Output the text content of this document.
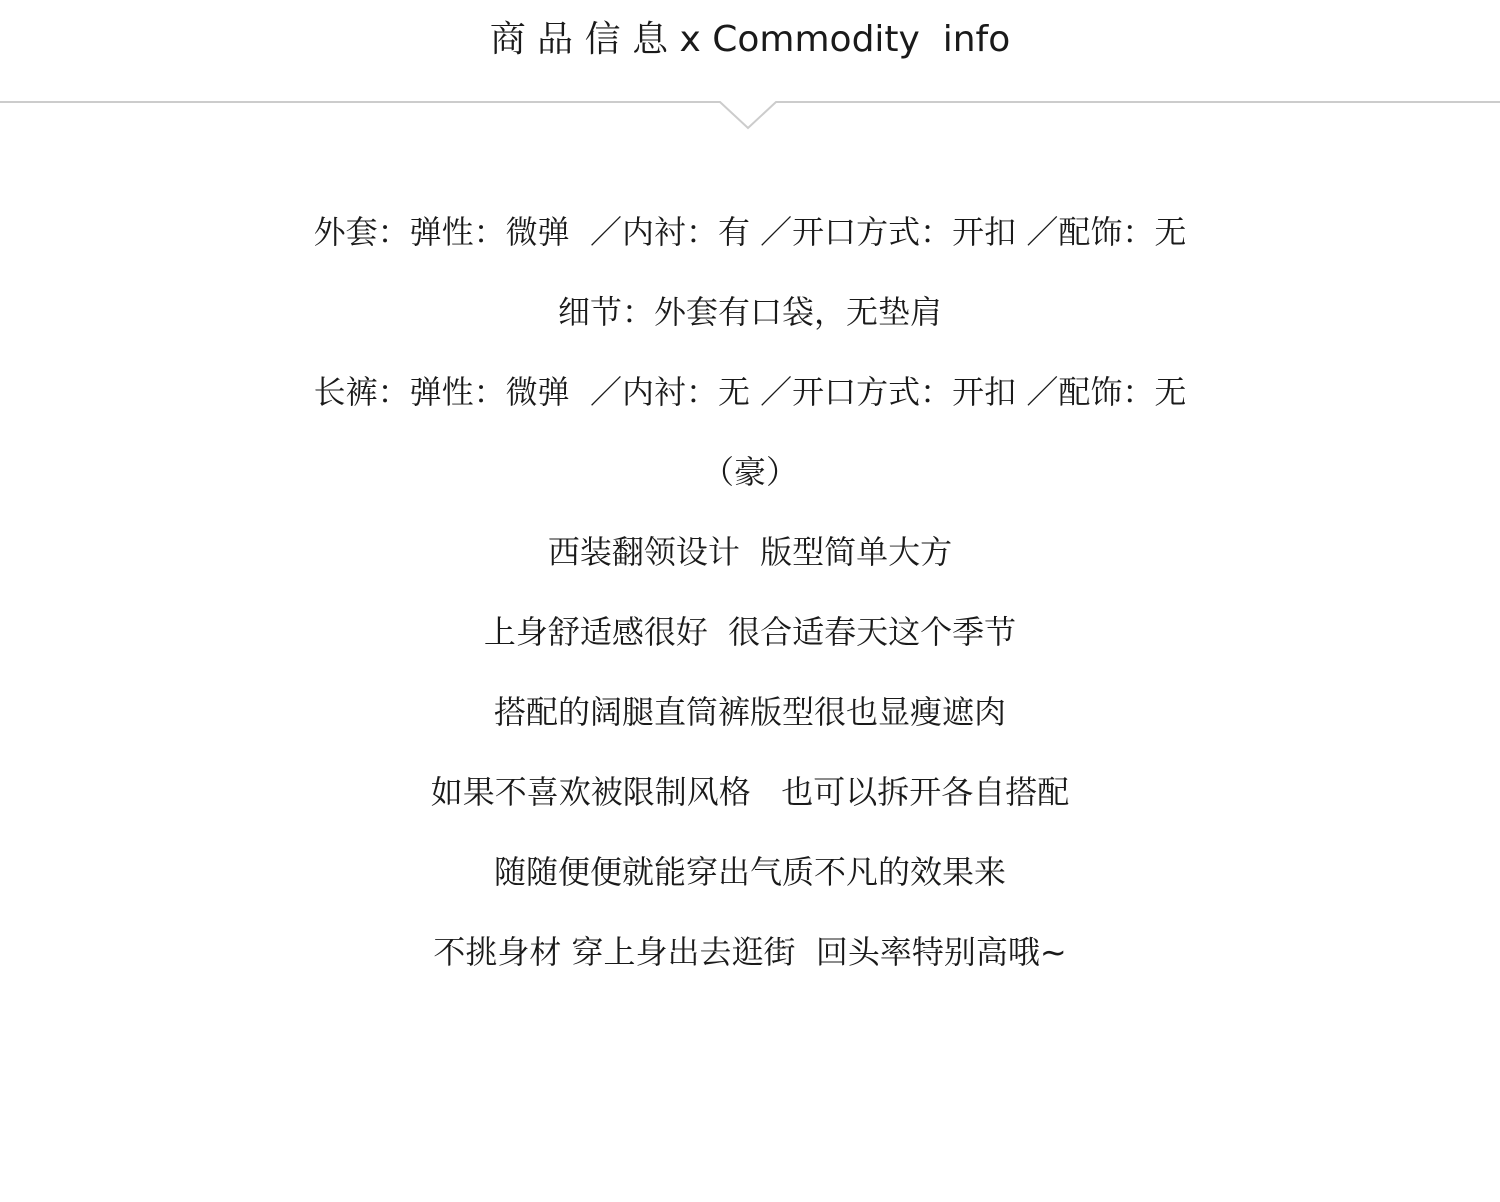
商 品 信 息 x Commodity  info
外套：弹性：微弹  ／内衬：有 ／开口方式：开扣 ／配饰：无
细节：外套有口袋，无垫肩
长裤：弹性：微弹  ／内衬：无 ／开口方式：开扣 ／配饰：无
（豪）
西装翻领设计  版型简单大方
上身舒适感很好  很合适春天这个季节
搭配的阔腿直筒裤版型很也显瘦遮肉
如果不喜欢被限制风格   也可以拆开各自搭配
随随便便就能穿出气质不凡的效果来
不挑身材 穿上身出去逛街  回头率特别高哦~
